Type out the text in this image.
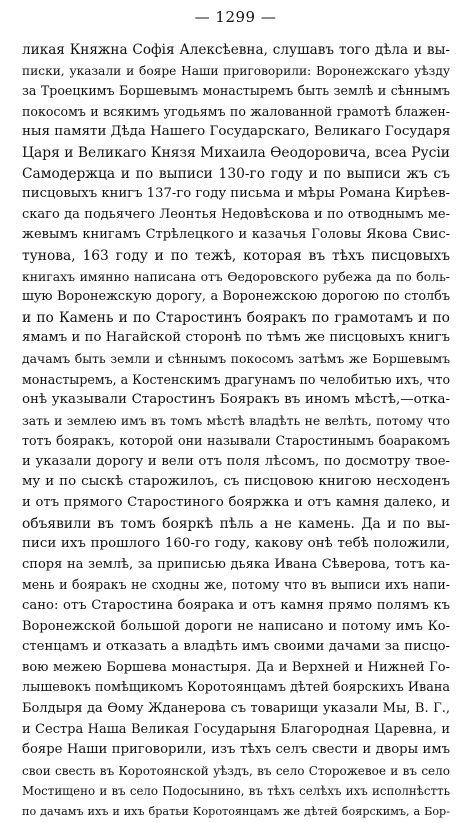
— 1299 —
ликая Княжна Софія Алексѣевна, слушавъ того дѣла и вы-
писки, указали и бояре Наши приговорили: Воронежскаго уѣзду
за Троецкимъ Боршевымъ монастыремъ быть землѣ и сѣннымъ
покосомъ и всякимъ угодьямъ по жалованной грамотѣ блажен-
ныя памяти Дѣда Нашего Государскаго, Великаго Государя
Царя и Великаго Князя Михаила Ѳеодоровича, всеа Русіи
Самодержца и по выписи 130-го году и по выписи жъ съ
писцовыхъ книгъ 137-го году письма и мѣры Романа Кирѣев-
скаго да подьячего Леонтья Недовѣскова и по отводнымъ ме-
жевымъ книгамъ Стрѣлецкого и казачья Головы Якова Свис-
тунова, 163 году и по тежѣ, которая въ тѣхъ писцовыхъ
книгахъ имянно написана отъ Ѳедоровского рубежа да по боль-
шую Воронежскую дорогу, а Воронежскою дорогою по столбъ
и по Камень и по Старостинъ бояракъ по грамотамъ и по
ямамъ и по Нагайской сторонѣ по тѣмъ же писцовыхъ книгъ
дачамъ быть земли и сѣннымъ покосомъ затѣмъ же Боршевымъ
монастыремъ, а Костенскимъ драгунамъ по челобитью ихъ, что
онѣ указывали Старостинъ Бояракъ въ иномъ мѣстѣ,—отка-
зать и землею имъ въ томъ мѣстѣ владѣть не велѣть, потому что
тотъ бояракъ, которой они называли Старостинымъ боаракомъ
и указали дорогу и вели отъ поля лѣсомъ, по досмотру твое-
му и по сыскѣ старожилоъ, съ писцовою книгою несходенъ
и отъ прямого Старостиного бояржка и отъ камня далеко, и
объявили въ томъ бояркѣ пѣль а не камень. Да и по вы-
писи ихъ прошлого 160-го году, какову онѣ тебѣ положили,
споря на землѣ, за приписью дьяка Ивана Сѣверова, тотъ ка-
мень и бояракъ не сходны же, потому что въ выписи ихъ напи-
сано: отъ Старостина боярака и отъ камня прямо полямъ къ
Воронежской большой дороги не написано и потому имъ Ко-
стенцамъ и отказать а владѣть имъ своими дачами за писцо-
вою межею Боршева монастыря. Да и Верхней и Нижней Го-
лышевокъ помѣщикомъ Коротоянцамъ дѣтей боярскихъ Ивана
Болдыря да Ѳому Жданерова съ товарищи указали Мы, В. Г.,
и Сестра Наша Великая Государыня Благородная Царевна, и
бояре Наши приговорили, изъ тѣхъ селъ свести и дворы имъ
свои свесть въ Коротоянской уѣздъ, въ село Сторожевое и въ село
Мостищено и въ село Подосынино, въ тѣхъ селѣхъ ихъ исполнѣстть
по дачамъ ихъ и ихъ братьи Коротоянцамъ же дѣтей боярскимъ, а Бор-
